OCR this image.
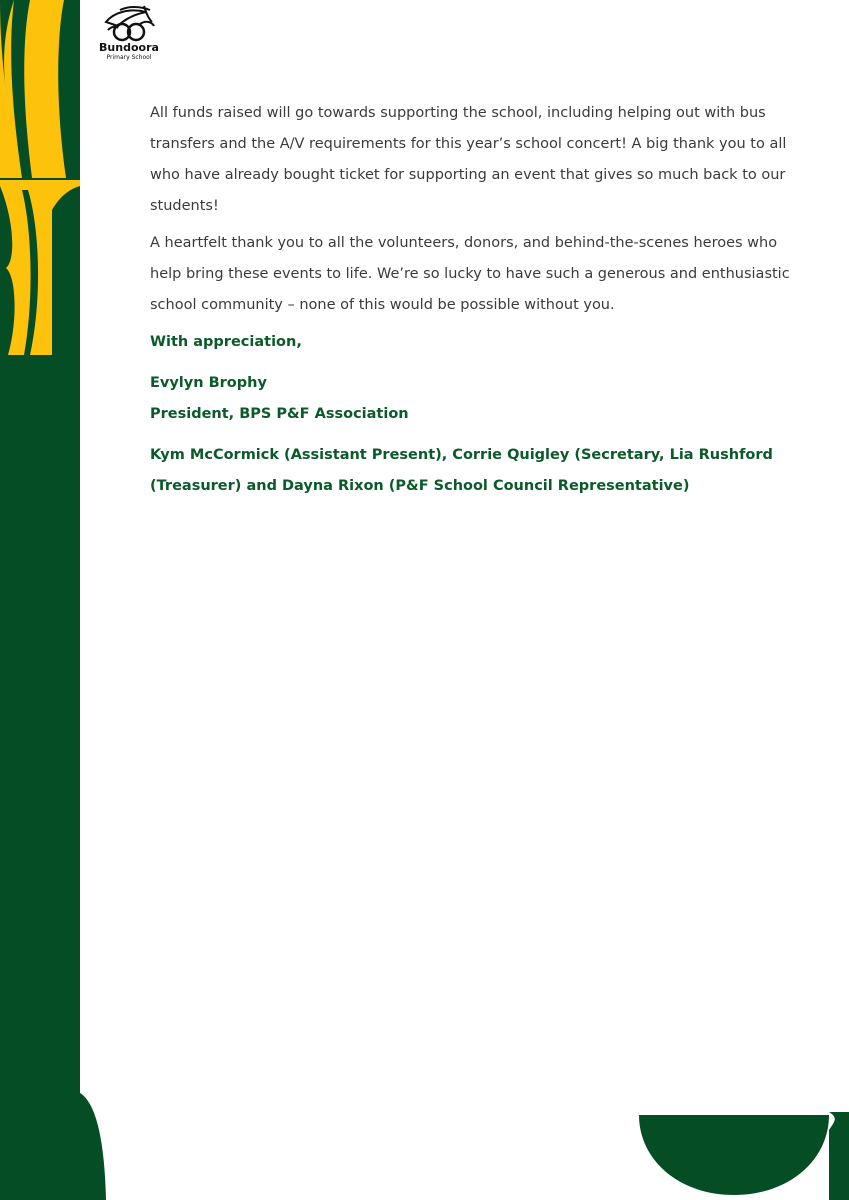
Bundoora
Primary School

All funds raised will go towards supporting the school, including helping out with bus transfers and the A/V requirements for this year’s school concert! A big thank you to all who have already bought ticket for supporting an event that gives so much back to our students!

A heartfelt thank you to all the volunteers, donors, and behind-the-scenes heroes who help bring these events to life. We’re so lucky to have such a generous and enthusiastic school community – none of this would be possible without you.

With appreciation,

Evylyn Brophy

President, BPS P&F Association

Kym McCormick (Assistant Present), Corrie Quigley (Secretary, Lia Rushford (Treasurer) and Dayna Rixon (P&F School Council Representative)
